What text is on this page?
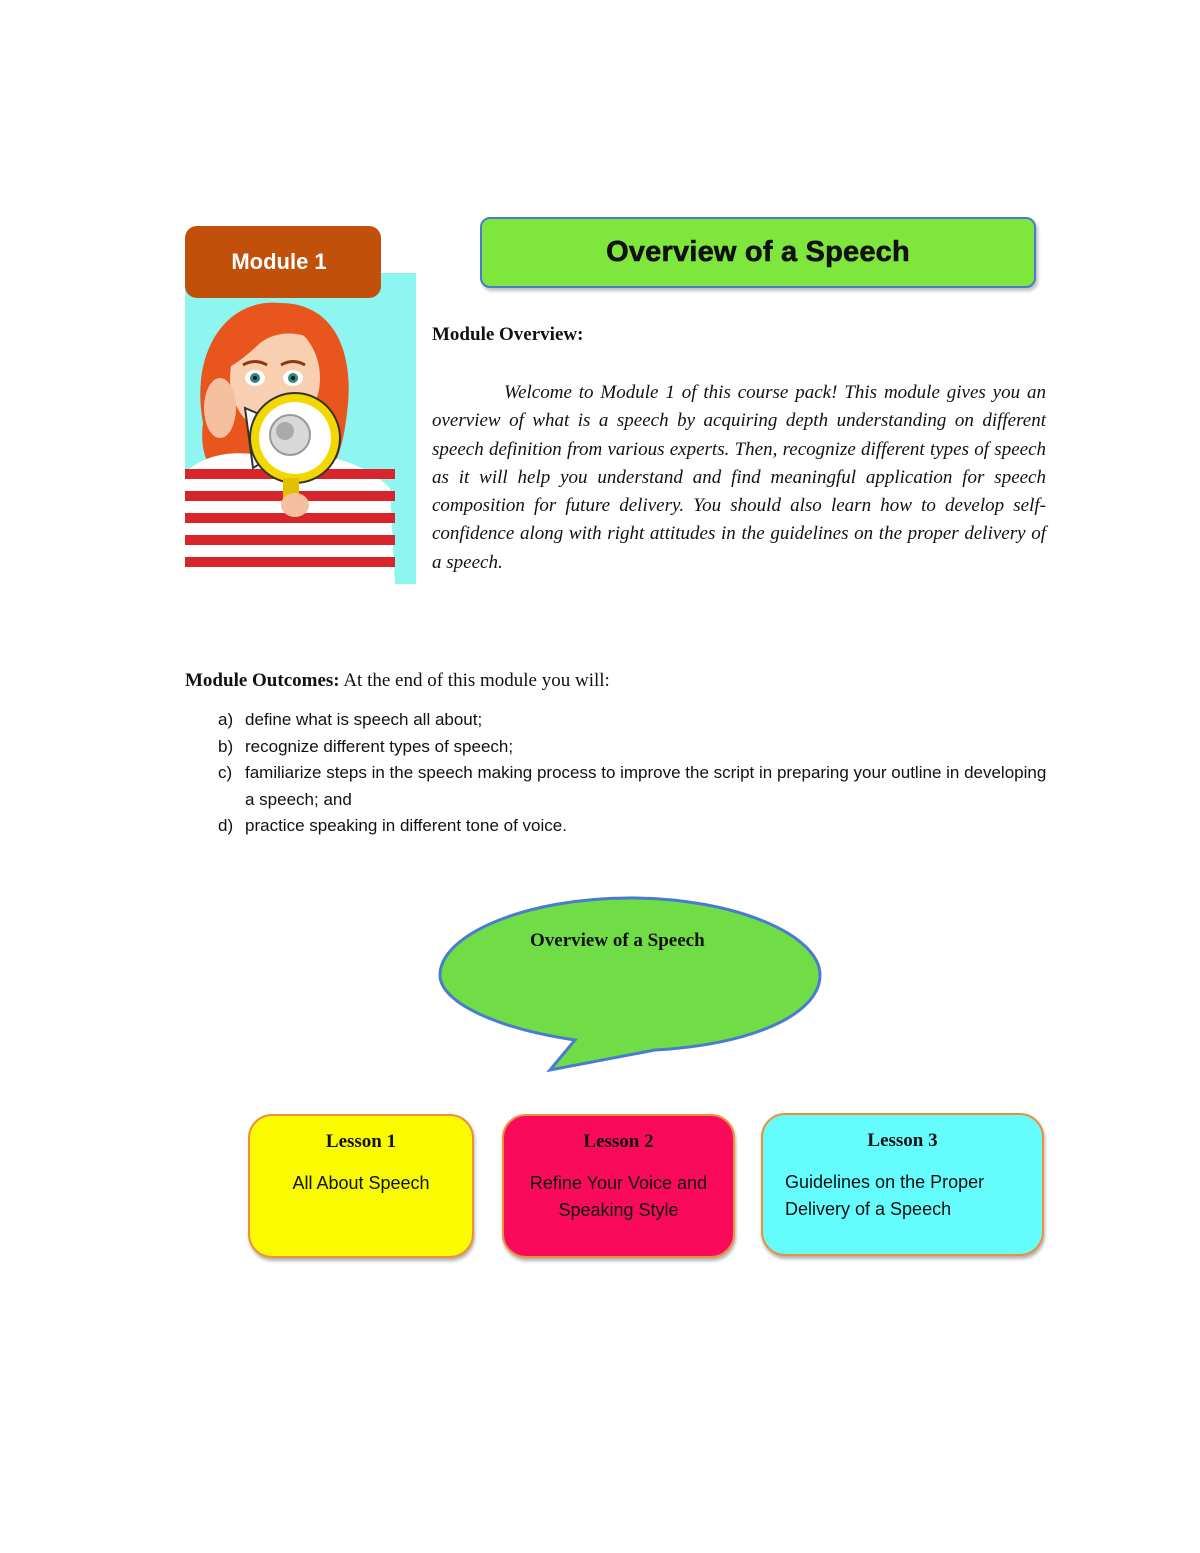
Module 1	Overview of a Speech
Module Overview:

Welcome to Module 1 of this course pack! This module gives you an overview of what is a speech by acquiring depth understanding on different speech definition from various experts. Then, recognize different types of speech as it will help you understand and find meaningful application for speech composition for future delivery. You should also learn how to develop self-confidence along with right attitudes in the guidelines on the proper delivery of a speech.

Module Outcomes: At the end of this module you will:
a) define what is speech all about;
b) recognize different types of speech;
c) familiarize steps in the speech making process to improve the script in preparing your outline in developing a speech; and
d) practice speaking in different tone of voice.
Overview of a Speech
Lesson 1
All About Speech
Lesson 2
Refine Your Voice and Speaking Style
Lesson 3
Guidelines on the Proper Delivery of a Speech
